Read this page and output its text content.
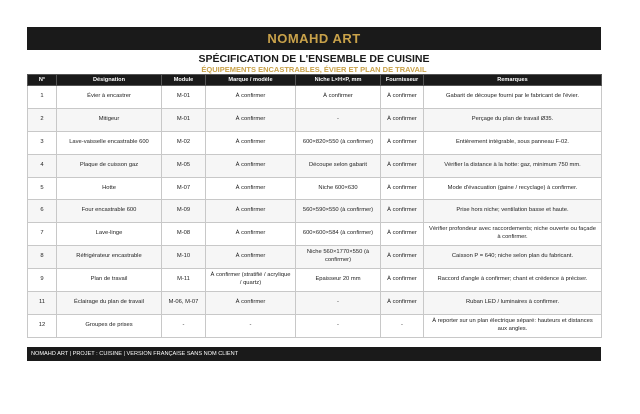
NOMAHD ART
SPÉCIFICATION DE L'ENSEMBLE DE CUISINE
ÉQUIPEMENTS ENCASTRABLES, ÉVIER ET PLAN DE TRAVAIL
N°	Désignation	Module	Marque / modèle	Niche L×H×P, mm	Fournisseur	Remarques
1	Évier à encastrer	M-01	À confirmer	À confirmer	À confirmer	Gabarit de découpe fourni par le fabricant de l'évier.
2	Mitigeur	M-01	À confirmer	-	À confirmer	Perçage du plan de travail Ø35.
3	Lave-vaisselle encastrable 600	M-02	À confirmer	600×820×550 (à confirmer)	À confirmer	Entièrement intégrable, sous panneau F-02.
4	Plaque de cuisson gaz	M-05	À confirmer	Découpe selon gabarit	À confirmer	Vérifier la distance à la hotte: gaz, minimum 750 mm.
5	Hotte	M-07	À confirmer	Niche 600×630	À confirmer	Mode d'évacuation (gaine / recyclage) à confirmer.
6	Four encastrable 600	M-09	À confirmer	560×590×550 (à confirmer)	À confirmer	Prise hors niche; ventilation basse et haute.
7	Lave-linge	M-08	À confirmer	600×600×584 (à confirmer)	À confirmer	Vérifier profondeur avec raccordements; niche ouverte ou façade à confirmer.
8	Réfrigérateur encastrable	M-10	À confirmer	Niche 560×1770×550 (à confirmer)	À confirmer	Caisson P = 640; niche selon plan du fabricant.
9	Plan de travail	M-11	À confirmer (stratifié / acrylique / quartz)	Epaisseur 20 mm	À confirmer	Raccord d'angle à confirmer; chant et crédence à préciser.
11	Éclairage du plan de travail	M-06, M-07	À confirmer	-	À confirmer	Ruban LED / luminaires à confirmer.
12	Groupes de prises	-	-	-	-	À reporter sur un plan électrique séparé: hauteurs et distances aux angles.
NOMAHD ART | PROJET : CUISINE | VERSION FRANÇAISE SANS NOM CLIENT
